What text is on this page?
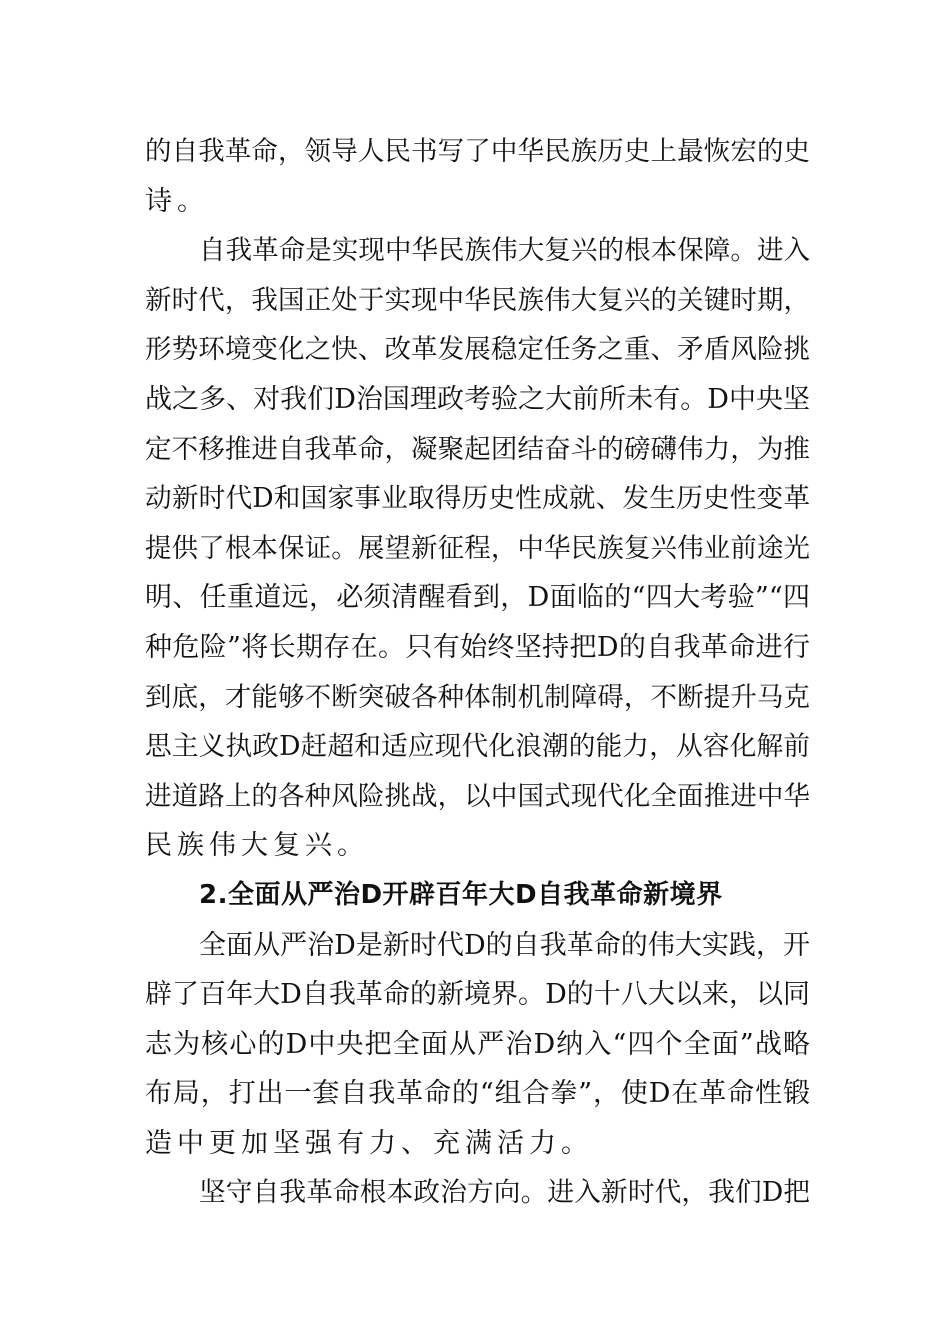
的自我革命，领导人民书写了中华民族历史上最恢宏的史
诗。
自我革命是实现中华民族伟大复兴的根本保障。进入
新时代，我国正处于实现中华民族伟大复兴的关键时期，
形势环境变化之快、改革发展稳定任务之重、矛盾风险挑
战之多、对我们D治国理政考验之大前所未有。D中央坚
定不移推进自我革命，凝聚起团结奋斗的磅礴伟力，为推
动新时代D和国家事业取得历史性成就、发生历史性变革
提供了根本保证。展望新征程，中华民族复兴伟业前途光
明、任重道远，必须清醒看到，D面临的“四大考验”“四
种危险”将长期存在。只有始终坚持把D的自我革命进行
到底，才能够不断突破各种体制机制障碍，不断提升马克
思主义执政D赶超和适应现代化浪潮的能力，从容化解前
进道路上的各种风险挑战，以中国式现代化全面推进中华
民族伟大复兴。
2.全面从严治D开辟百年大D自我革命新境界
全面从严治D是新时代D的自我革命的伟大实践，开
辟了百年大D自我革命的新境界。D的十八大以来，以同
志为核心的D中央把全面从严治D纳入“四个全面”战略
布局，打出一套自我革命的“组合拳”，使D在革命性锻
造中更加坚强有力、充满活力。
坚守自我革命根本政治方向。进入新时代，我们D把
